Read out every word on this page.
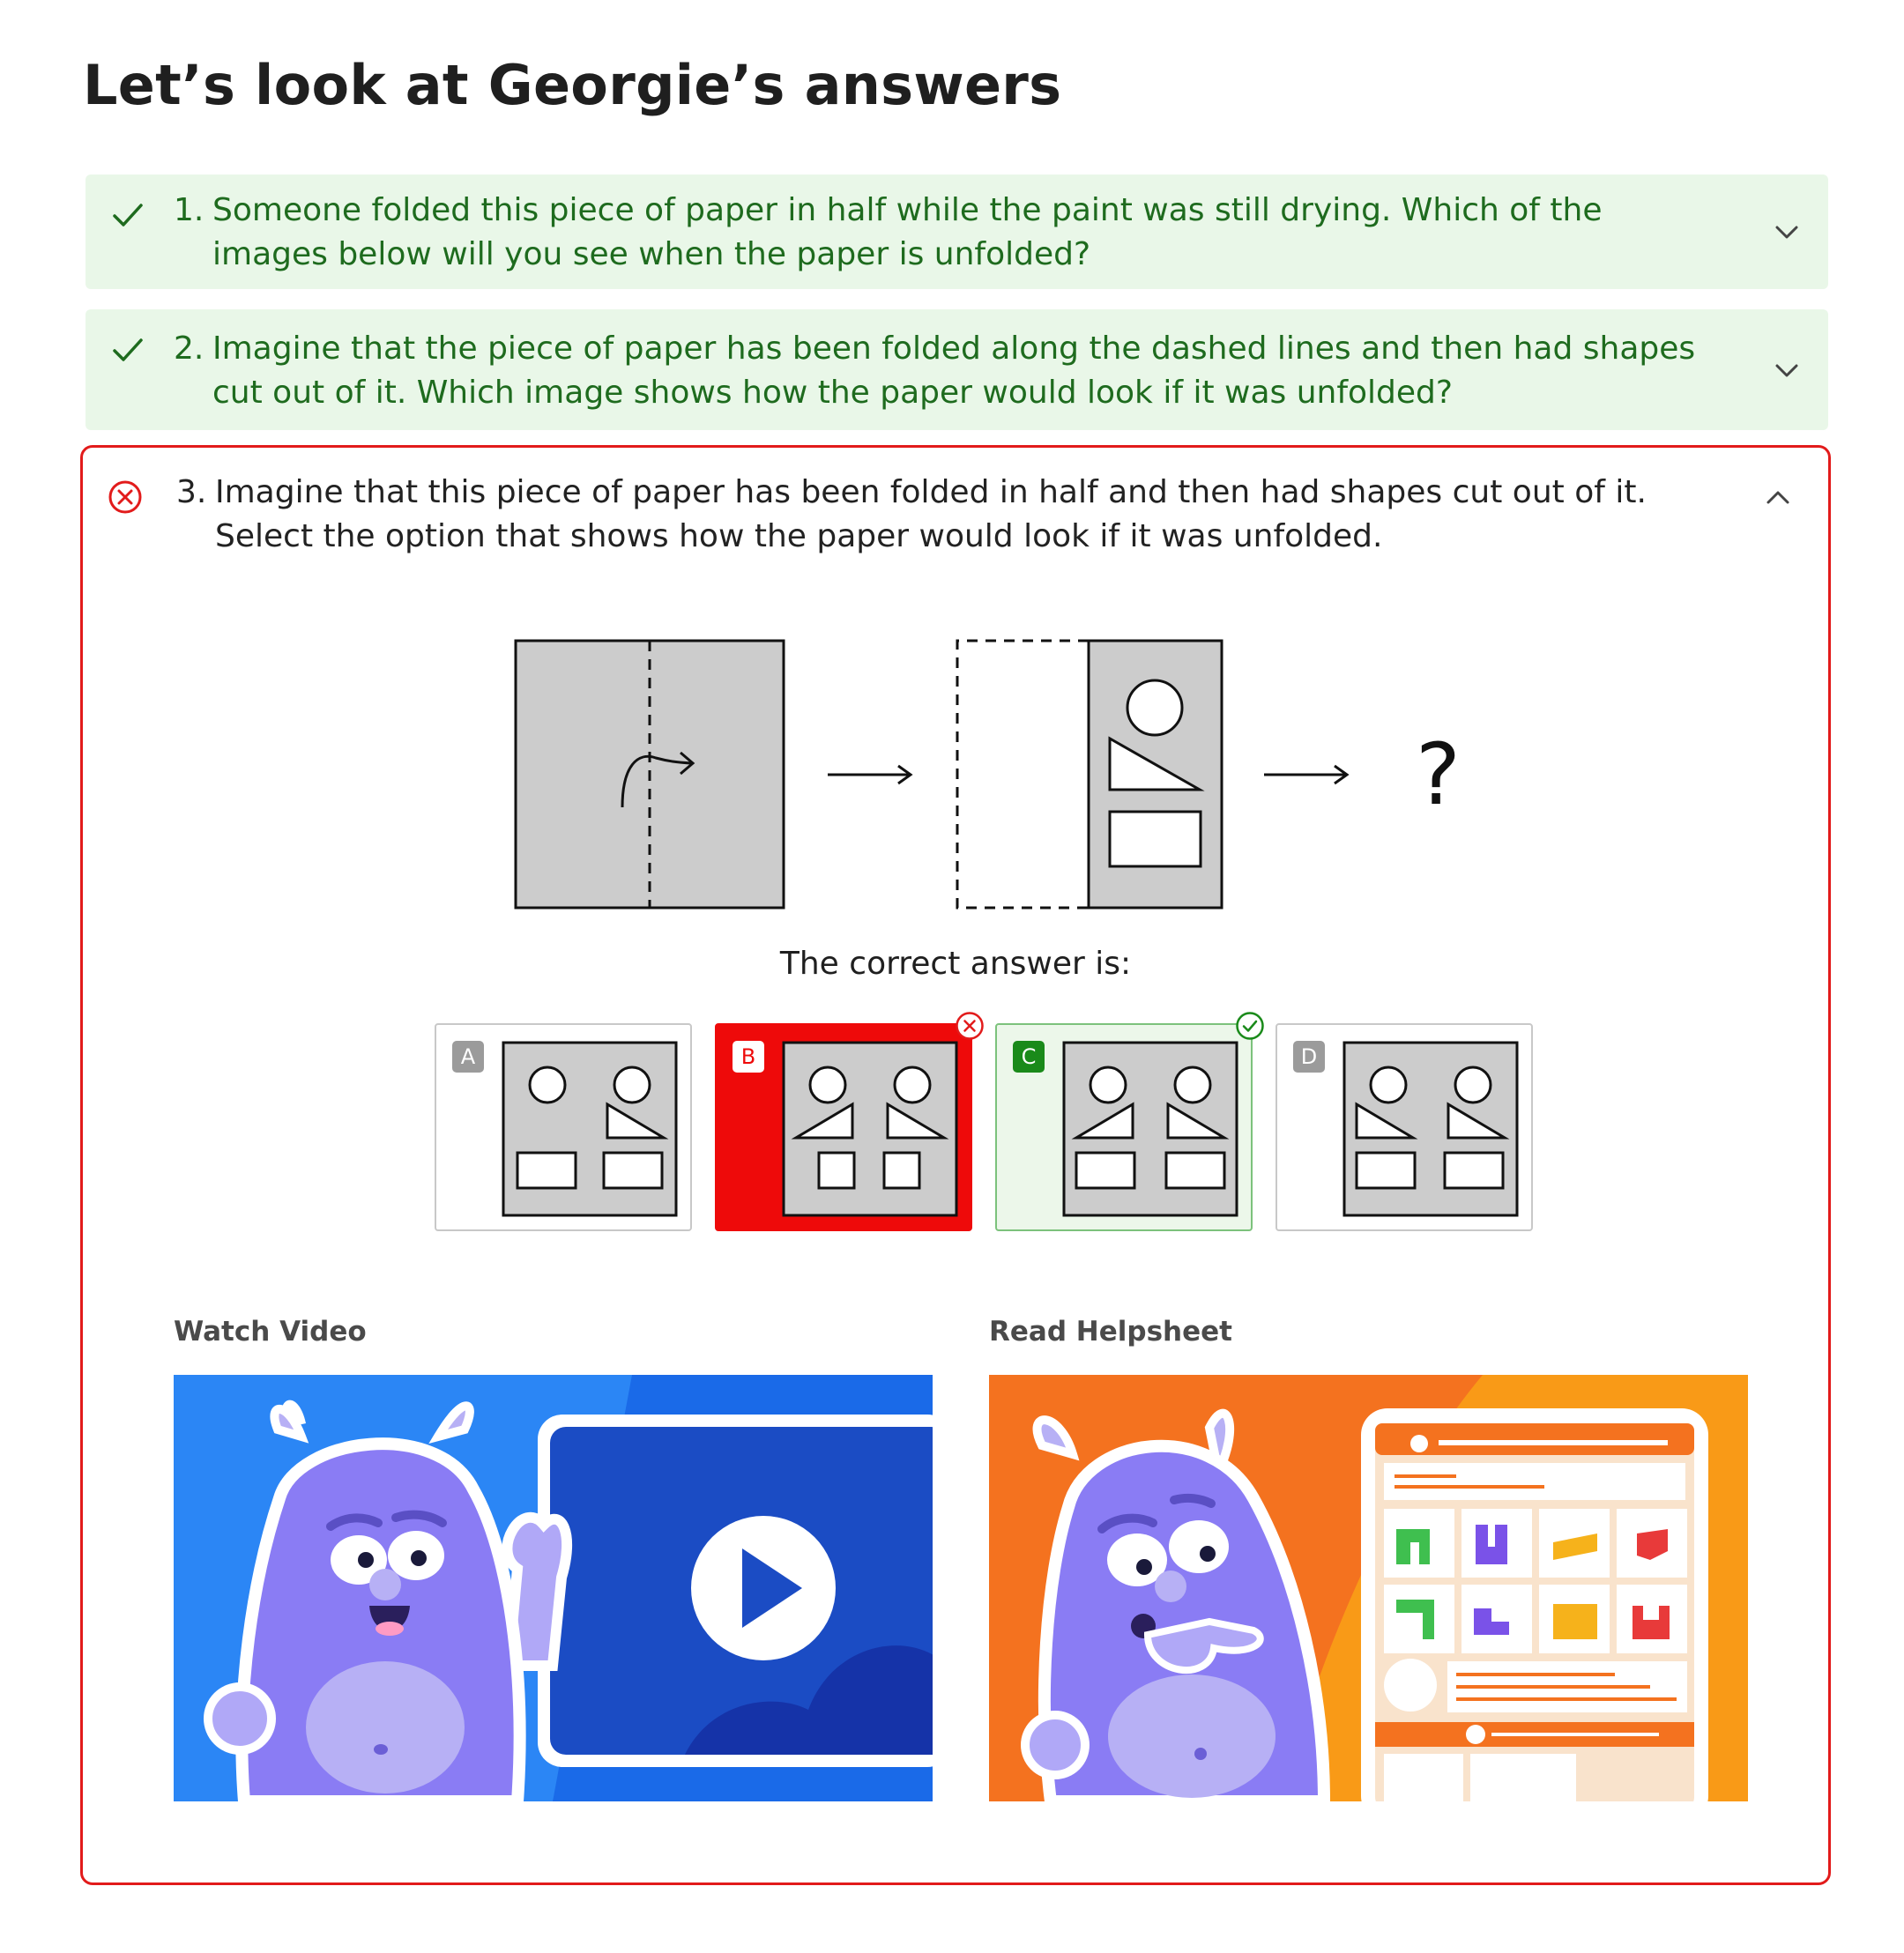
Let’s look at Georgie’s answers
1. Someone folded this piece of paper in half while the paint was still drying. Which of the images below will you see when the paper is unfolded?
2. Imagine that the piece of paper has been folded along the dashed lines and then had shapes cut out of it. Which image shows how the paper would look if it was unfolded?
3. Imagine that this piece of paper has been folded in half and then had shapes cut out of it. Select the option that shows how the paper would look if it was unfolded.
?
The correct answer is:
A	B	C	D
Watch Video	Read Helpsheet
